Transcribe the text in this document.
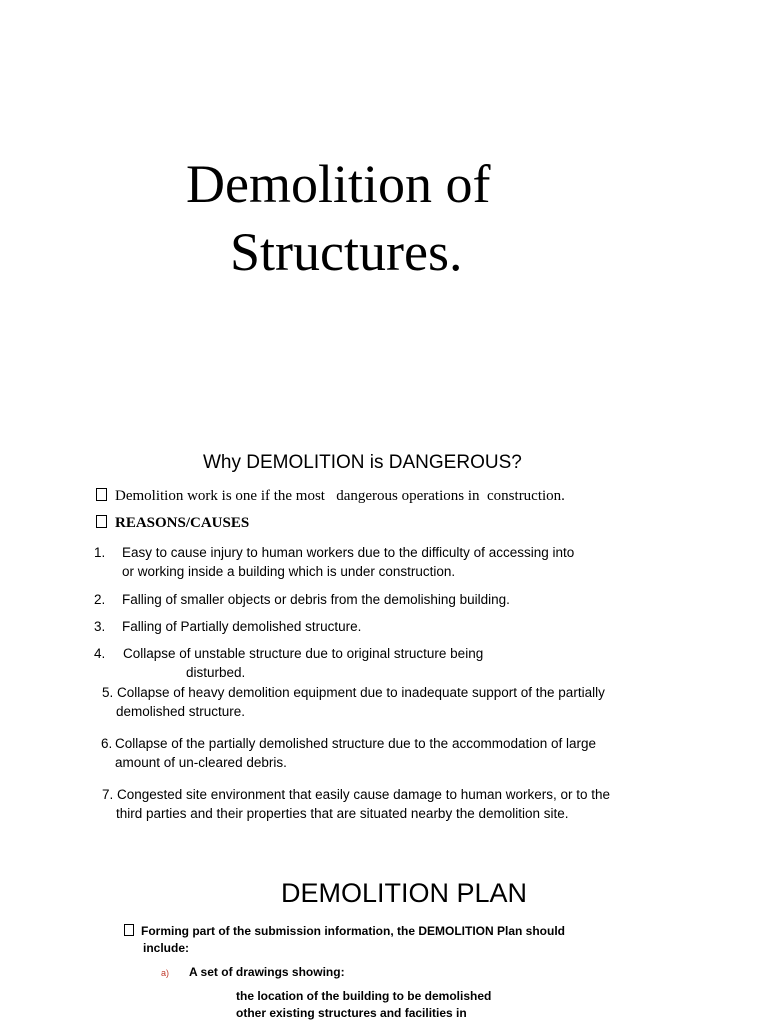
Demolition of
Structures.
Why DEMOLITION is DANGEROUS?
Demolition work is one if the most   dangerous operations in  construction.
REASONS/CAUSES
1. Easy to cause injury to human workers due to the difficulty of accessing into
or working inside a building which is under construction.
2. Falling of smaller objects or debris from the demolishing building.
3. Falling of Partially demolished structure.
4. Collapse of unstable structure due to original structure being
disturbed.
5. Collapse of heavy demolition equipment due to inadequate support of the partially
demolished structure.
6. Collapse of the partially demolished structure due to the accommodation of large
amount of un-cleared debris.
7. Congested site environment that easily cause damage to human workers, or to the
third parties and their properties that are situated nearby the demolition site.
DEMOLITION PLAN
Forming part of the submission information, the DEMOLITION Plan should
include:
a) A set of drawings showing:
the location of the building to be demolished
other existing structures and facilities in
